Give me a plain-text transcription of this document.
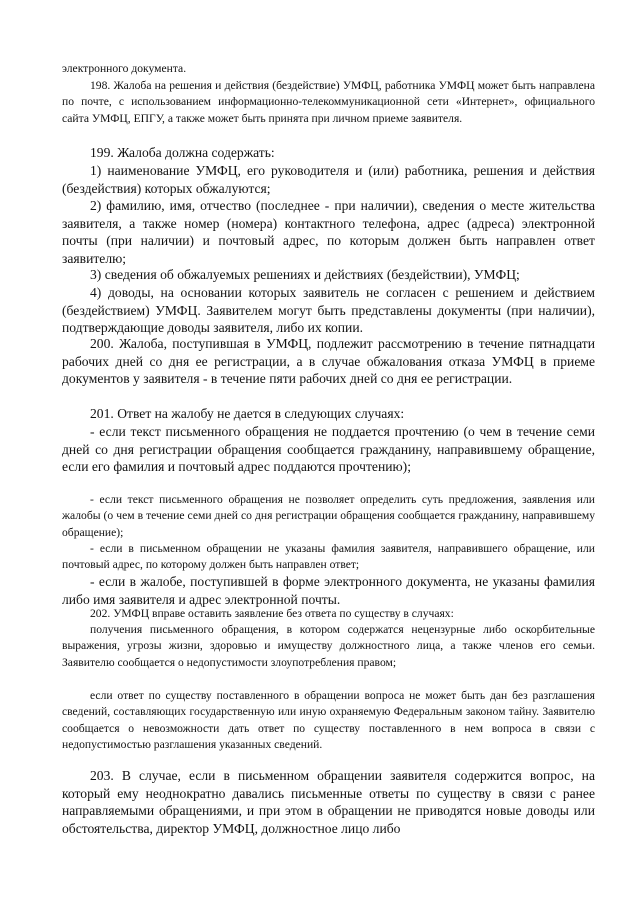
электронного документа.

198. Жалоба на решения и действия (бездействие) УМФЦ, работника УМФЦ может быть направлена по почте, с использованием информационно-телекоммуникационной сети «Интернет», официального сайта УМФЦ, ЕПГУ, а также может быть принята при личном приеме заявителя.

199. Жалоба должна содержать:

1) наименование УМФЦ, его руководителя и (или) работника, решения и действия (бездействия) которых обжалуются;

2) фамилию, имя, отчество (последнее - при наличии), сведения о месте жительства заявителя, а также номер (номера) контактного телефона, адрес (адреса) электронной почты (при наличии) и почтовый адрес, по которым должен быть направлен ответ заявителю;

3) сведения об обжалуемых решениях и действиях (бездействии), УМФЦ;

4) доводы, на основании которых заявитель не согласен с решением и действием (бездействием) УМФЦ. Заявителем могут быть представлены документы (при наличии), подтверждающие доводы заявителя, либо их копии.

200. Жалоба, поступившая в УМФЦ, подлежит рассмотрению в течение пятнадцати рабочих дней со дня ее регистрации, а в случае обжалования отказа УМФЦ в приеме документов у заявителя - в течение пяти рабочих дней со дня ее регистрации.

201. Ответ на жалобу не дается в следующих случаях:

- если текст письменного обращения не поддается прочтению (о чем в течение семи дней со дня регистрации обращения сообщается гражданину, направившему обращение, если его фамилия и почтовый адрес поддаются прочтению);

- если текст письменного обращения не позволяет определить суть предложения, заявления или жалобы (о чем в течение семи дней со дня регистрации обращения сообщается гражданину, направившему обращение);

- если в письменном обращении не указаны фамилия заявителя, направившего обращение, или почтовый адрес, по которому должен быть направлен ответ;

- если в жалобе, поступившей в форме электронного документа, не указаны фамилия либо имя заявителя и адрес электронной почты.

202. УМФЦ вправе оставить заявление без ответа по существу в случаях:

получения письменного обращения, в котором содержатся нецензурные либо оскорбительные выражения, угрозы жизни, здоровью и имуществу должностного лица, а также членов его семьи. Заявителю сообщается о недопустимости злоупотребления правом;

если ответ по существу поставленного в обращении вопроса не может быть дан без разглашения сведений, составляющих государственную или иную охраняемую Федеральным законом тайну. Заявителю сообщается о невозможности дать ответ по существу поставленного в нем вопроса в связи с недопустимостью разглашения указанных сведений.

203. В случае, если в письменном обращении заявителя содержится вопрос, на который ему неоднократно давались письменные ответы по существу в связи с ранее направляемыми обращениями, и при этом в обращении не приводятся новые доводы или обстоятельства, директор УМФЦ, должностное лицо либо
